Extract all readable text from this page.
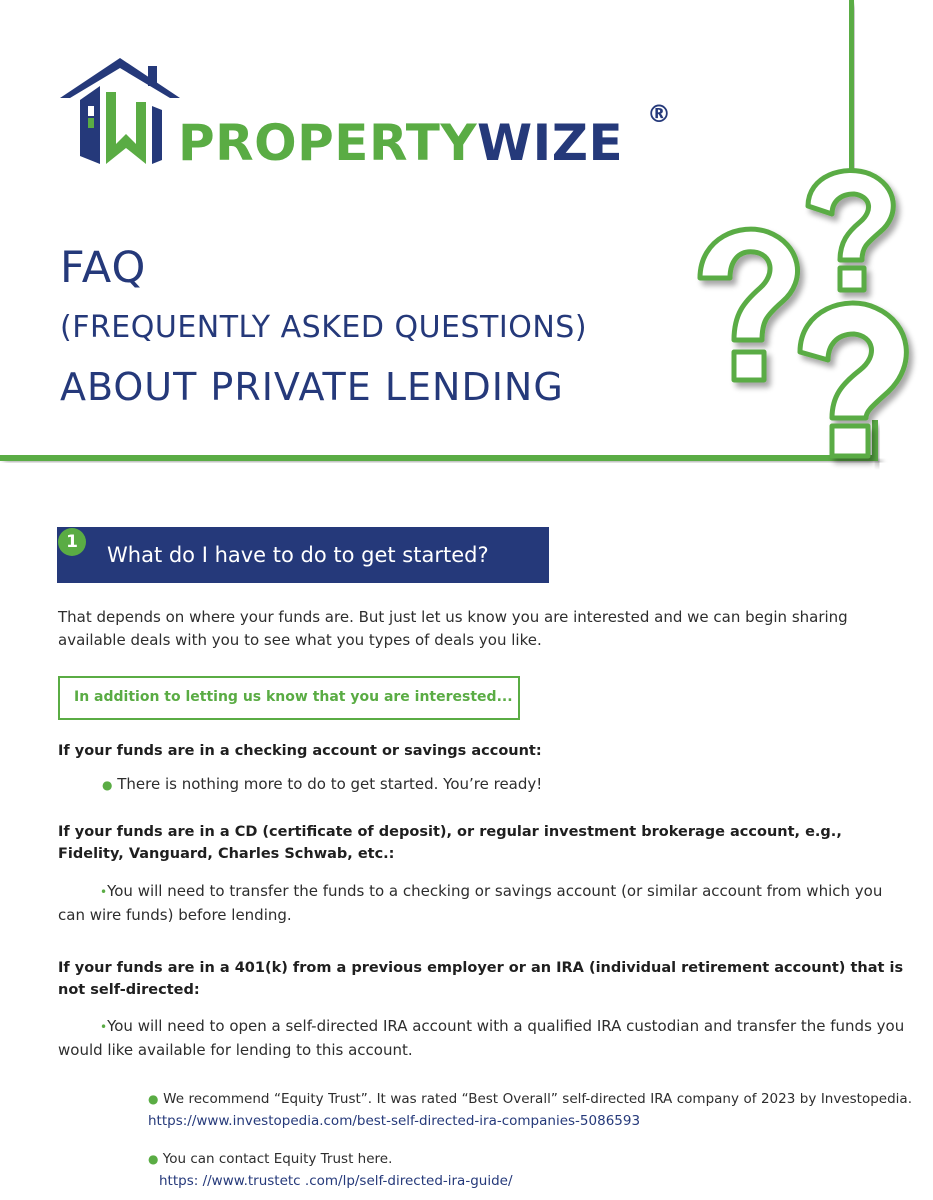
PROPERTYWIZE ®
FAQ
(FREQUENTLY ASKED QUESTIONS)
ABOUT PRIVATE LENDING
1
What do I have to do to get started?
That depends on where your funds are. But just let us know you are interested and we can begin sharing available deals with you to see what you types of deals you like.
In addition to letting us know that you are interested...
If your funds are in a checking account or savings account:
● There is nothing more to do to get started. You’re ready!
If your funds are in a CD (certificate of deposit), or regular investment brokerage account, e.g., Fidelity, Vanguard, Charles Schwab, etc.:
•You will need to transfer the funds to a checking or savings account (or similar account from which you can wire funds) before lending.
If your funds are in a 401(k) from a previous employer or an IRA (individual retirement account) that is not self-directed:
•You will need to open a self-directed IRA account with a qualified IRA custodian and transfer the funds you would like available for lending to this account.
● We recommend “Equity Trust”. It was rated “Best Overall” self-directed IRA company of 2023 by Investopedia. https://www.investopedia.com/best-self-directed-ira-companies-5086593
● You can contact Equity Trust here.
https: //www.trustetc .com/lp/self-directed-ira-guide/
